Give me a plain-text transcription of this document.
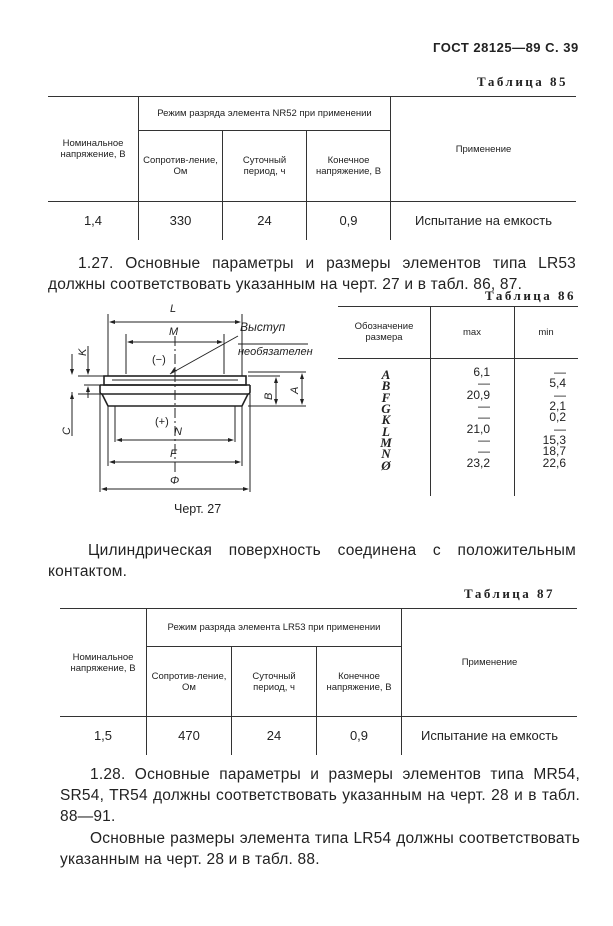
ГОСТ 28125—89 С. 39
Таблица 85
Номинальное напряжение, В	Режим разряда элемента NR52 при применении			Применение
	Сопротив-ление, Ом	Суточный период, ч	Конечное напряжение, В	
1,4	330	24	0,9	Испытание на емкость
1.27. Основные параметры и размеры элементов типа LR53 должны соответствовать указанным на черт. 27 и в табл. 86, 87.
L
M
(−)
(+)
N
F
Φ
K
C
B
A
Выступ
необязателен
Черт. 27
Таблица 86
Обозначение размера	max	min
A	6,1	—
B	—	5,4
F	20,9	—
G	—	2,1
K	—	0,2
L	21,0	—
M	—	15,3
N	—	18,7
Ø	23,2	22,6
Цилиндрическая поверхность соединена с положительным контактом.
Таблица 87
Номинальное напряжение, В	Режим разряда элемента LR53 при применении			Применение
	Сопротив-ление, Ом	Суточный период, ч	Конечное напряжение, В	
1,5	470	24	0,9	Испытание на емкость
1.28. Основные параметры и размеры элементов типа MR54, SR54, TR54 должны соответствовать указанным на черт. 28 и в табл. 88—91.
Основные размеры элемента типа LR54 должны соответствовать указанным на черт. 28 и в табл. 88.
